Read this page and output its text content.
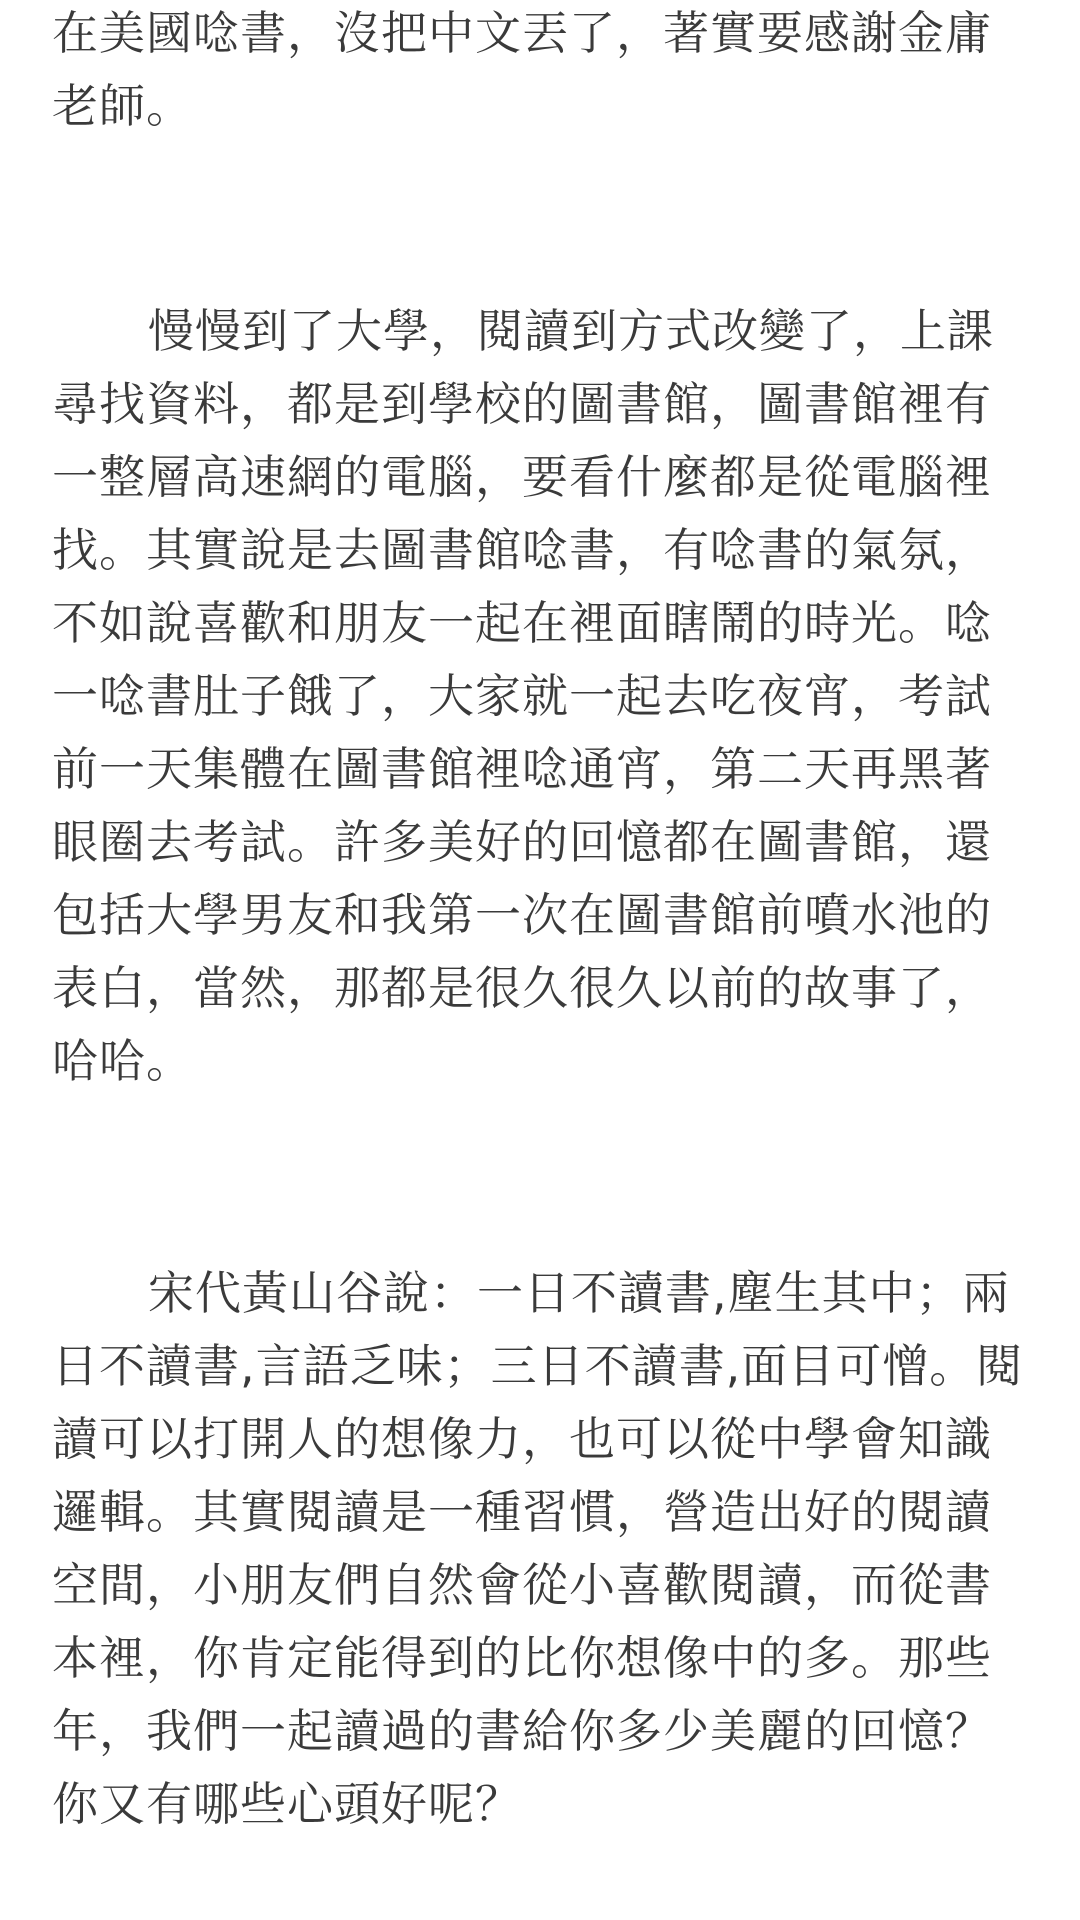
在美國唸書，沒把中文丟了，著實要感謝金庸
老師。
慢慢到了大學，閱讀到方式改變了，上課
尋找資料，都是到學校的圖書館，圖書館裡有
一整層高速網的電腦，要看什麼都是從電腦裡
找。其實說是去圖書館唸書，有唸書的氣氛，
不如說喜歡和朋友一起在裡面瞎鬧的時光。唸
一唸書肚子餓了，大家就一起去吃夜宵，考試
前一天集體在圖書館裡唸通宵，第二天再黑著
眼圈去考試。許多美好的回憶都在圖書館，還
包括大學男友和我第一次在圖書館前噴水池的
表白，當然，那都是很久很久以前的故事了，
哈哈。
宋代黃山谷說：一日不讀書,塵生其中；兩
日不讀書,言語乏味；三日不讀書,面目可憎。閱
讀可以打開人的想像力，也可以從中學會知識
邏輯。其實閱讀是一種習慣，營造出好的閱讀
空間，小朋友們自然會從小喜歡閱讀，而從書
本裡，你肯定能得到的比你想像中的多。那些
年，我們一起讀過的書給你多少美麗的回憶？
你又有哪些心頭好呢？
